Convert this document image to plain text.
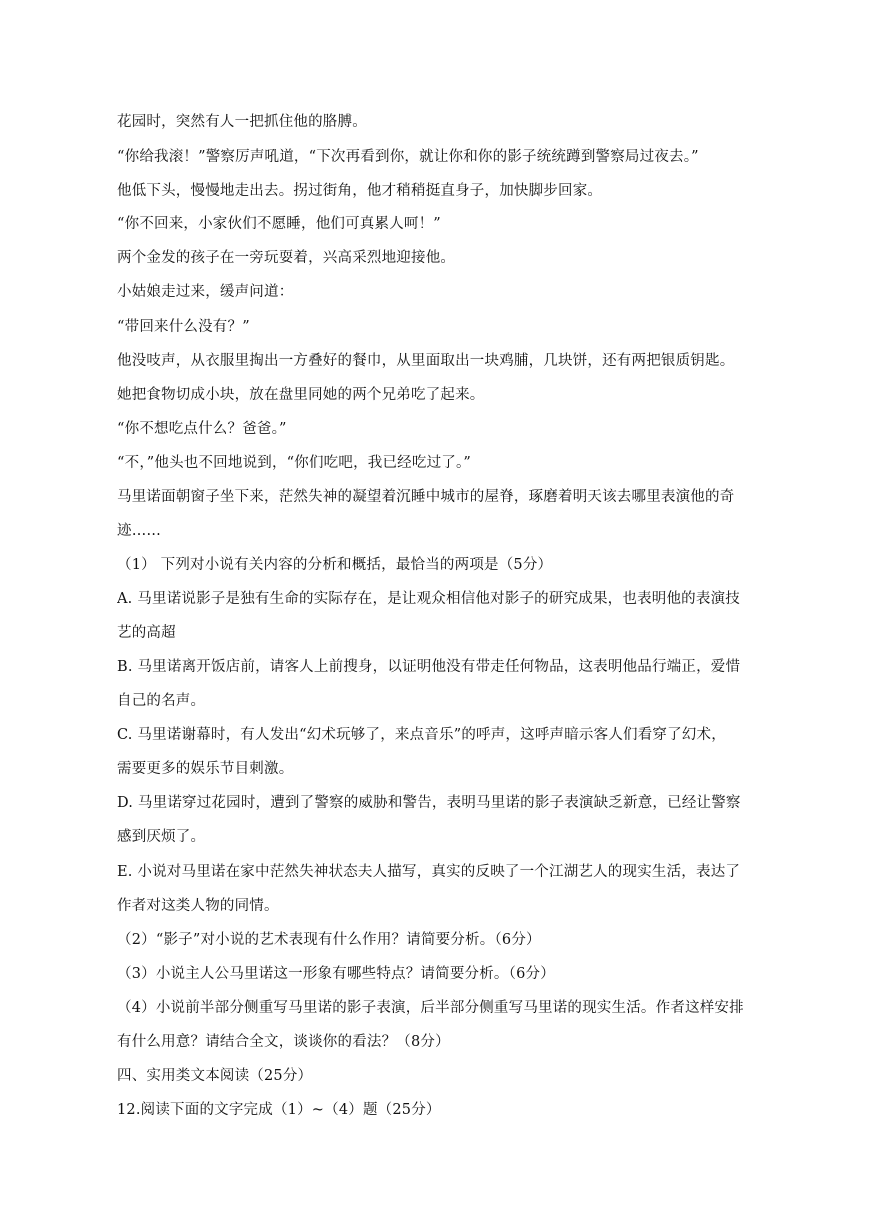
花园时，突然有人一把抓住他的胳膊。
“你给我滚！”警察厉声吼道，“下次再看到你，就让你和你的影子统统蹲到警察局过夜去。”
他低下头，慢慢地走出去。拐过街角，他才稍稍挺直身子，加快脚步回家。
“你不回来，小家伙们不愿睡，他们可真累人呵！”
两个金发的孩子在一旁玩耍着，兴高采烈地迎接他。
小姑娘走过来，缓声问道：
“带回来什么没有？”
他没吱声，从衣服里掏出一方叠好的餐巾，从里面取出一块鸡脯，几块饼，还有两把银质钥匙。
她把食物切成小块，放在盘里同她的两个兄弟吃了起来。
“你不想吃点什么？爸爸。”
“不，”他头也不回地说到，“你们吃吧，我已经吃过了。”
马里诺面朝窗子坐下来，茫然失神的凝望着沉睡中城市的屋脊，琢磨着明天该去哪里表演他的奇
迹……
（1） 下列对小说有关内容的分析和概括，最恰当的两项是（5分）
A. 马里诺说影子是独有生命的实际存在，是让观众相信他对影子的研究成果，也表明他的表演技
艺的高超
B. 马里诺离开饭店前，请客人上前搜身，以证明他没有带走任何物品，这表明他品行端正，爱惜
自己的名声。
C. 马里诺谢幕时，有人发出“幻术玩够了，来点音乐”的呼声，这呼声暗示客人们看穿了幻术，
需要更多的娱乐节目刺激。
D. 马里诺穿过花园时，遭到了警察的威胁和警告，表明马里诺的影子表演缺乏新意，已经让警察
感到厌烦了。
E. 小说对马里诺在家中茫然失神状态夫人描写，真实的反映了一个江湖艺人的现实生活，表达了
作者对这类人物的同情。
（2）“影子”对小说的艺术表现有什么作用？请简要分析。（6分）
（3）小说主人公马里诺这一形象有哪些特点？请简要分析。（6分）
（4）小说前半部分侧重写马里诺的影子表演，后半部分侧重写马里诺的现实生活。作者这样安排
有什么用意？请结合全文，谈谈你的看法？（8分）
四、实用类文本阅读（25分）
12.阅读下面的文字完成（1）~（4）题（25分）
